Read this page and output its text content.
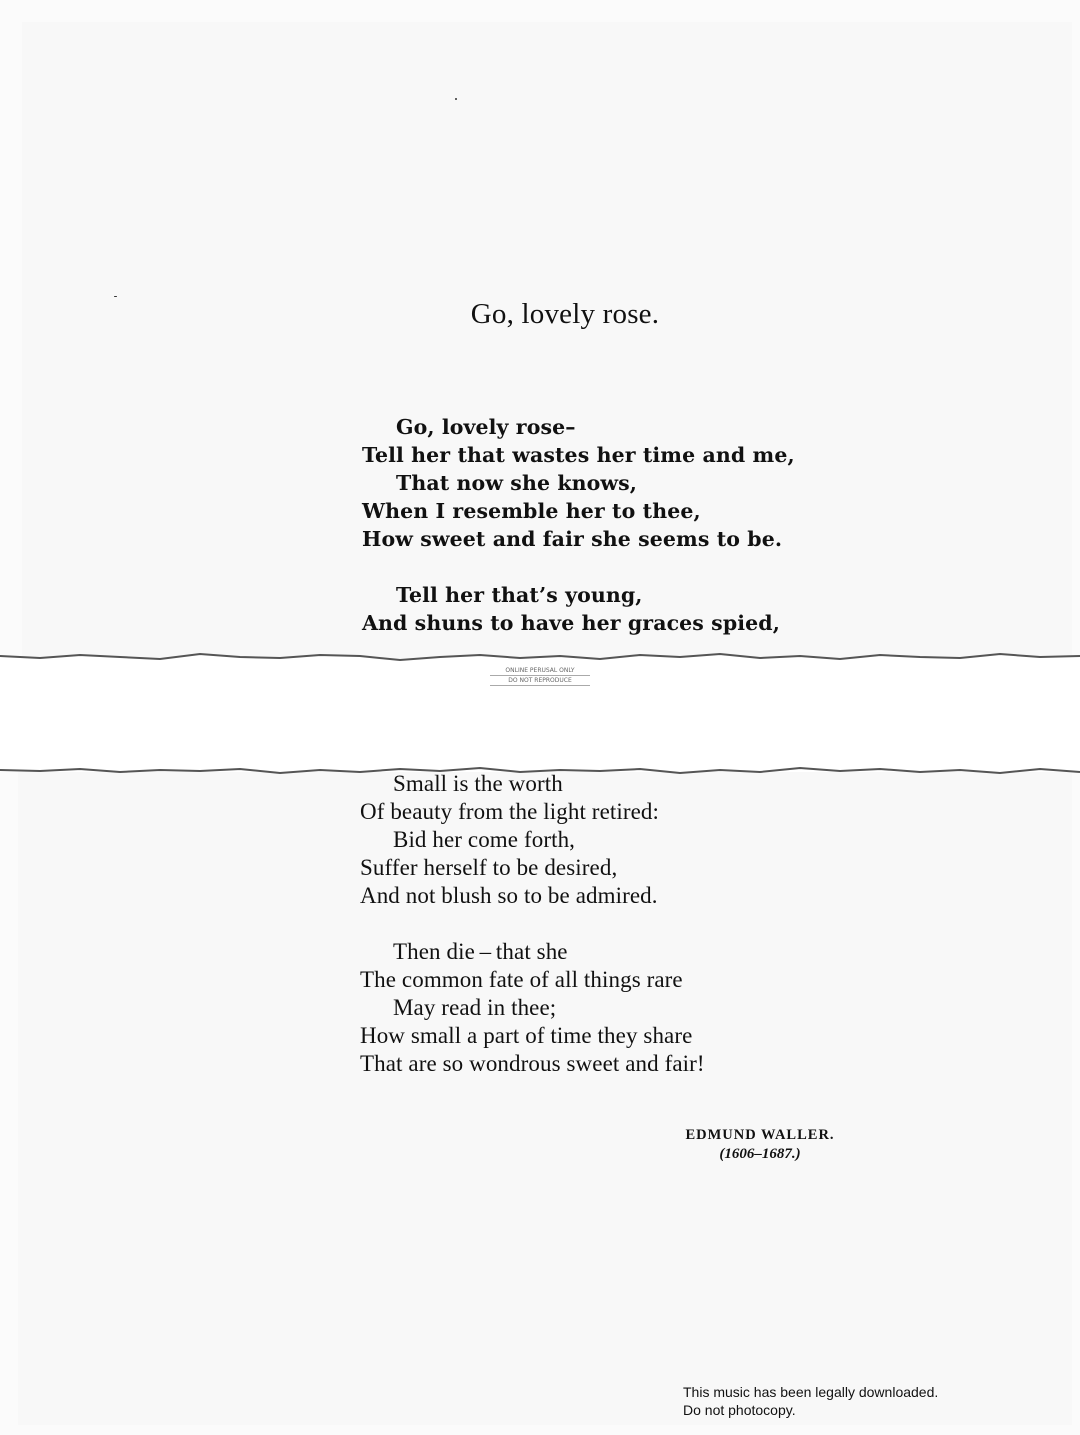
Go, lovely rose.
Go, lovely rose–
Tell her that wastes her time and me,
That now she knows,
When I resemble her to thee,
How sweet and fair she seems to be.
Tell her that’s young,
And shuns to have her graces spied,
ONLINE PERUSAL ONLY
DO NOT REPRODUCE
Small is the worth
Of beauty from the light retired:
Bid her come forth,
Suffer herself to be desired,
And not blush so to be admired.
Then die – that she
The common fate of all things rare
May read in thee;
How small a part of time they share
That are so wondrous sweet and fair!
EDMUND WALLER.
(1606–1687.)
This music has been legally downloaded.
Do not photocopy.
